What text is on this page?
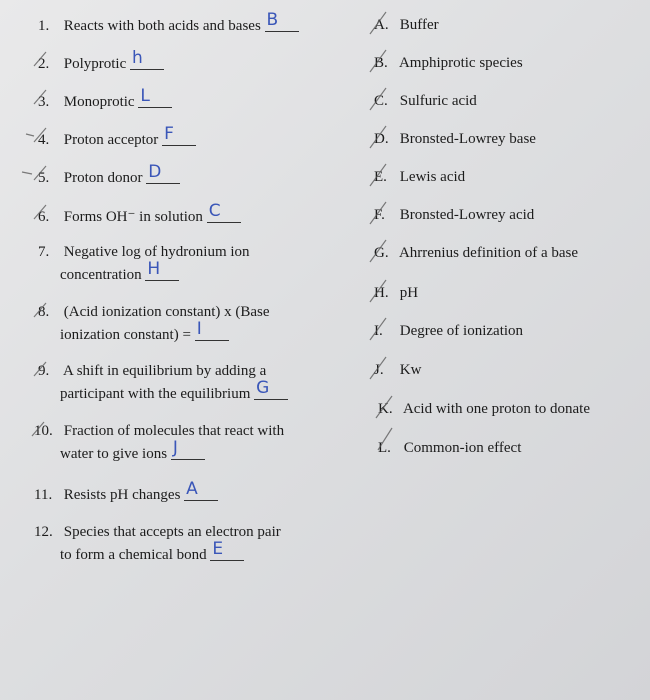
1. Reacts with both acids and bases B
2. Polyprotic h
3. Monoprotic L
4. Proton acceptor F
5. Proton donor D
6. Forms OH⁻ in solution C
7. Negative log of hydronium ion
concentration H
8. (Acid ionization constant) x (Base
ionization constant) = I
9. A shift in equilibrium by adding a
participant with the equilibrium G
10. Fraction of molecules that react with
water to give ions J
11. Resists pH changes A
12. Species that accepts an electron pair
to form a chemical bond E
A. Buffer
B. Amphiprotic species
C. Sulfuric acid
D. Bronsted-Lowrey base
E. Lewis acid
F. Bronsted-Lowrey acid
G. Ahrrenius definition of a base
H. pH
I. Degree of ionization
J. Kw
K. Acid with one proton to donate
L. Common-ion effect
